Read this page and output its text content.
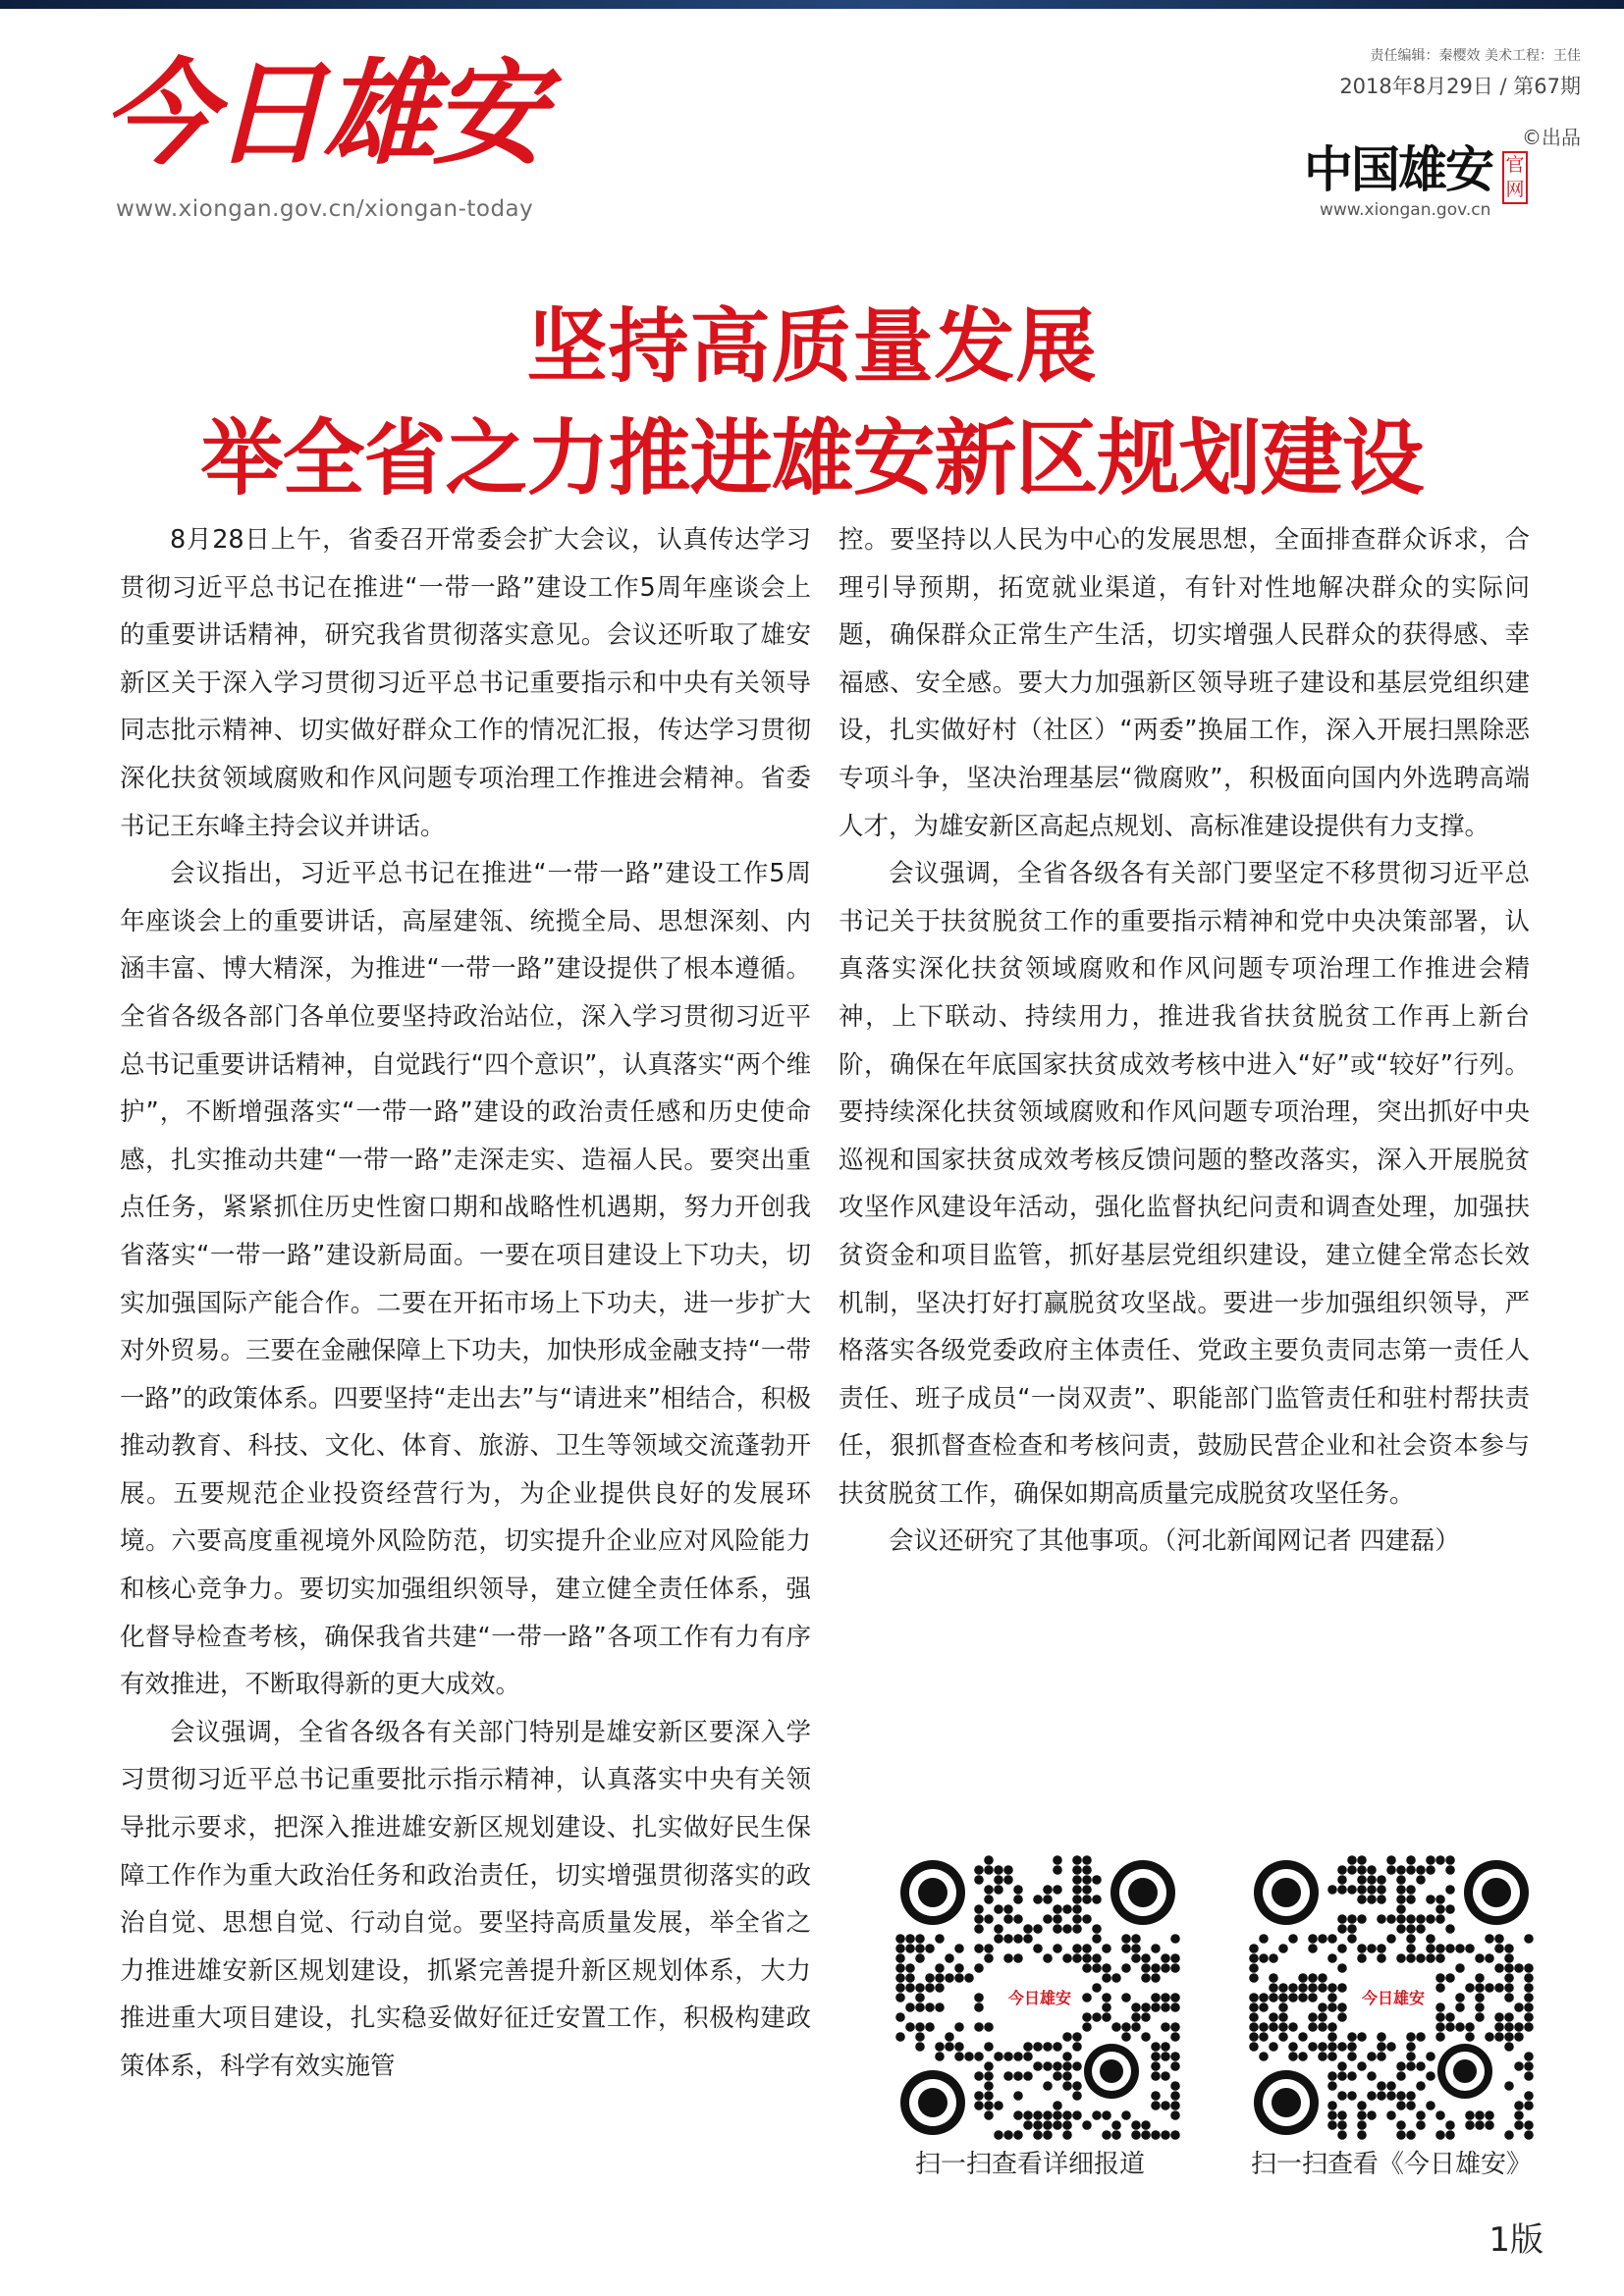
今日雄安
www.xiongan.gov.cn/xiongan-today
责任编辑：秦樱效 美术工程：王佳
2018年8月29日 / 第67期
©出品
中国雄安 官网
www.xiongan.gov.cn
坚持高质量发展
举全省之力推进雄安新区规划建设

8月28日上午，省委召开常委会扩大会议，认真传达学习贯彻习近平总书记在推进“一带一路”建设工作5周年座谈会上的重要讲话精神，研究我省贯彻落实意见。会议还听取了雄安新区关于深入学习贯彻习近平总书记重要指示和中央有关领导同志批示精神、切实做好群众工作的情况汇报，传达学习贯彻深化扶贫领域腐败和作风问题专项治理工作推进会精神。省委书记王东峰主持会议并讲话。

会议指出，习近平总书记在推进“一带一路”建设工作5周年座谈会上的重要讲话，高屋建瓴、统揽全局、思想深刻、内涵丰富、博大精深，为推进“一带一路”建设提供了根本遵循。全省各级各部门各单位要坚持政治站位，深入学习贯彻习近平总书记重要讲话精神，自觉践行“四个意识”，认真落实“两个维护”，不断增强落实“一带一路”建设的政治责任感和历史使命感，扎实推动共建“一带一路”走深走实、造福人民。要突出重点任务，紧紧抓住历史性窗口期和战略性机遇期，努力开创我省落实“一带一路”建设新局面。一要在项目建设上下功夫，切实加强国际产能合作。二要在开拓市场上下功夫，进一步扩大对外贸易。三要在金融保障上下功夫，加快形成金融支持“一带一路”的政策体系。四要坚持“走出去”与“请进来”相结合，积极推动教育、科技、文化、体育、旅游、卫生等领域交流蓬勃开展。五要规范企业投资经营行为，为企业提供良好的发展环境。六要高度重视境外风险防范，切实提升企业应对风险能力和核心竞争力。要切实加强组织领导，建立健全责任体系，强化督导检查考核，确保我省共建“一带一路”各项工作有力有序有效推进，不断取得新的更大成效。

会议强调，全省各级各有关部门特别是雄安新区要深入学习贯彻习近平总书记重要批示指示精神，认真落实中央有关领导批示要求，把深入推进雄安新区规划建设、扎实做好民生保障工作作为重大政治任务和政治责任，切实增强贯彻落实的政治自觉、思想自觉、行动自觉。要坚持高质量发展，举全省之力推进雄安新区规划建设，抓紧完善提升新区规划体系，大力推进重大项目建设，扎实稳妥做好征迁安置工作，积极构建政策体系，科学有效实施管

控。要坚持以人民为中心的发展思想，全面排查群众诉求，合理引导预期，拓宽就业渠道，有针对性地解决群众的实际问题，确保群众正常生产生活，切实增强人民群众的获得感、幸福感、安全感。要大力加强新区领导班子建设和基层党组织建设，扎实做好村（社区）“两委”换届工作，深入开展扫黑除恶专项斗争，坚决治理基层“微腐败”，积极面向国内外选聘高端人才，为雄安新区高起点规划、高标准建设提供有力支撑。

会议强调，全省各级各有关部门要坚定不移贯彻习近平总书记关于扶贫脱贫工作的重要指示精神和党中央决策部署，认真落实深化扶贫领域腐败和作风问题专项治理工作推进会精神，上下联动、持续用力，推进我省扶贫脱贫工作再上新台阶，确保在年底国家扶贫成效考核中进入“好”或“较好”行列。要持续深化扶贫领域腐败和作风问题专项治理，突出抓好中央巡视和国家扶贫成效考核反馈问题的整改落实，深入开展脱贫攻坚作风建设年活动，强化监督执纪问责和调查处理，加强扶贫资金和项目监管，抓好基层党组织建设，建立健全常态长效机制，坚决打好打赢脱贫攻坚战。要进一步加强组织领导，严格落实各级党委政府主体责任、党政主要负责同志第一责任人责任、班子成员“一岗双责”、职能部门监管责任和驻村帮扶责任，狠抓督查检查和考核问责，鼓励民营企业和社会资本参与扶贫脱贫工作，确保如期高质量完成脱贫攻坚任务。

会议还研究了其他事项。（河北新闻网记者 四建磊）

今日雄安	今日雄安
扫一扫查看详细报道	扫一扫查看《今日雄安》
1版
